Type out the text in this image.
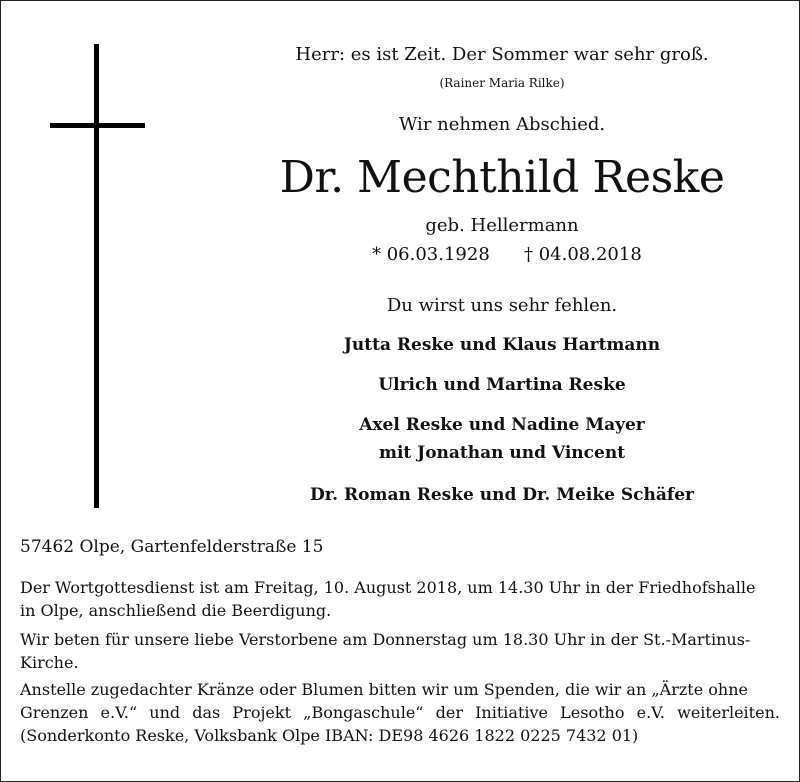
Herr: es ist Zeit. Der Sommer war sehr groß.
(Rainer Maria Rilke)
Wir nehmen Abschied.
Dr. Mechthild Reske
geb. Hellermann
* 06.03.1928 † 04.08.2018
Du wirst uns sehr fehlen.
Jutta Reske und Klaus Hartmann
Ulrich und Martina Reske
Axel Reske und Nadine Mayer
mit Jonathan und Vincent
Dr. Roman Reske und Dr. Meike Schäfer
57462 Olpe, Gartenfelderstraße 15
Der Wortgottesdienst ist am Freitag, 10. August 2018, um 14.30 Uhr in der Friedhofshalle
in Olpe, anschließend die Beerdigung.
Wir beten für unsere liebe Verstorbene am Donnerstag um 18.30 Uhr in der St.-Martinus-
Kirche.
Anstelle zugedachter Kränze oder Blumen bitten wir um Spenden, die wir an „Ärzte ohne
Grenzen e.V.“ und das Projekt „Bongaschule“ der Initiative Lesotho e.V. weiterleiten.
(Sonderkonto Reske, Volksbank Olpe IBAN: DE98 4626 1822 0225 7432 01)
